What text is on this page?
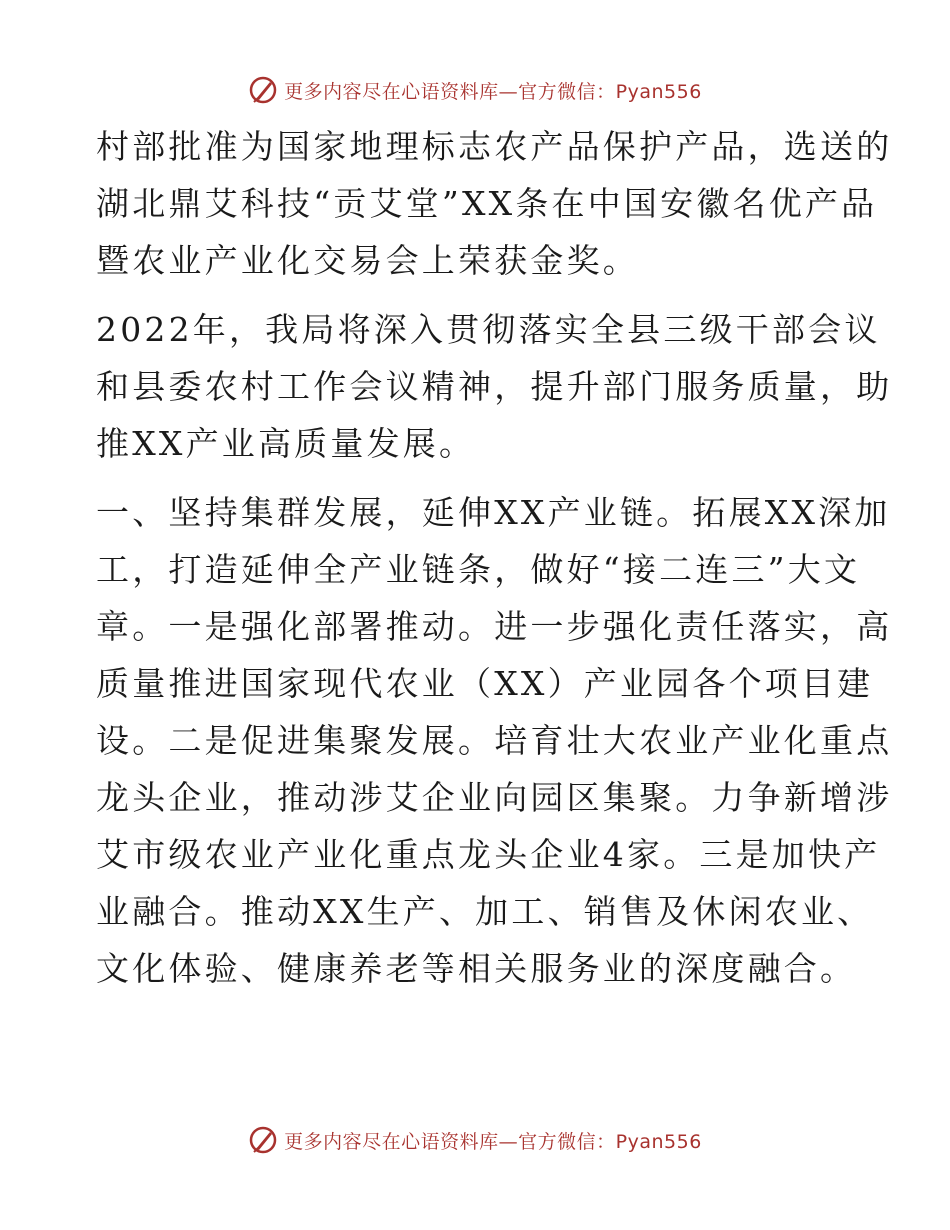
更多内容尽在心语资料库—官方微信：Pyan556
村部批准为国家地理标志农产品保护产品，选送的
湖北鼎艾科技“贡艾堂”XX条在中国安徽名优产品
暨农业产业化交易会上荣获金奖。
2022年，我局将深入贯彻落实全县三级干部会议
和县委农村工作会议精神，提升部门服务质量，助
推XX产业高质量发展。
一、坚持集群发展，延伸XX产业链。拓展XX深加
工，打造延伸全产业链条，做好“接二连三”大文
章。一是强化部署推动。进一步强化责任落实，高
质量推进国家现代农业（XX）产业园各个项目建
设。二是促进集聚发展。培育壮大农业产业化重点
龙头企业，推动涉艾企业向园区集聚。力争新增涉
艾市级农业产业化重点龙头企业4家。三是加快产
业融合。推动XX生产、加工、销售及休闲农业、
文化体验、健康养老等相关服务业的深度融合。
更多内容尽在心语资料库—官方微信：Pyan556
